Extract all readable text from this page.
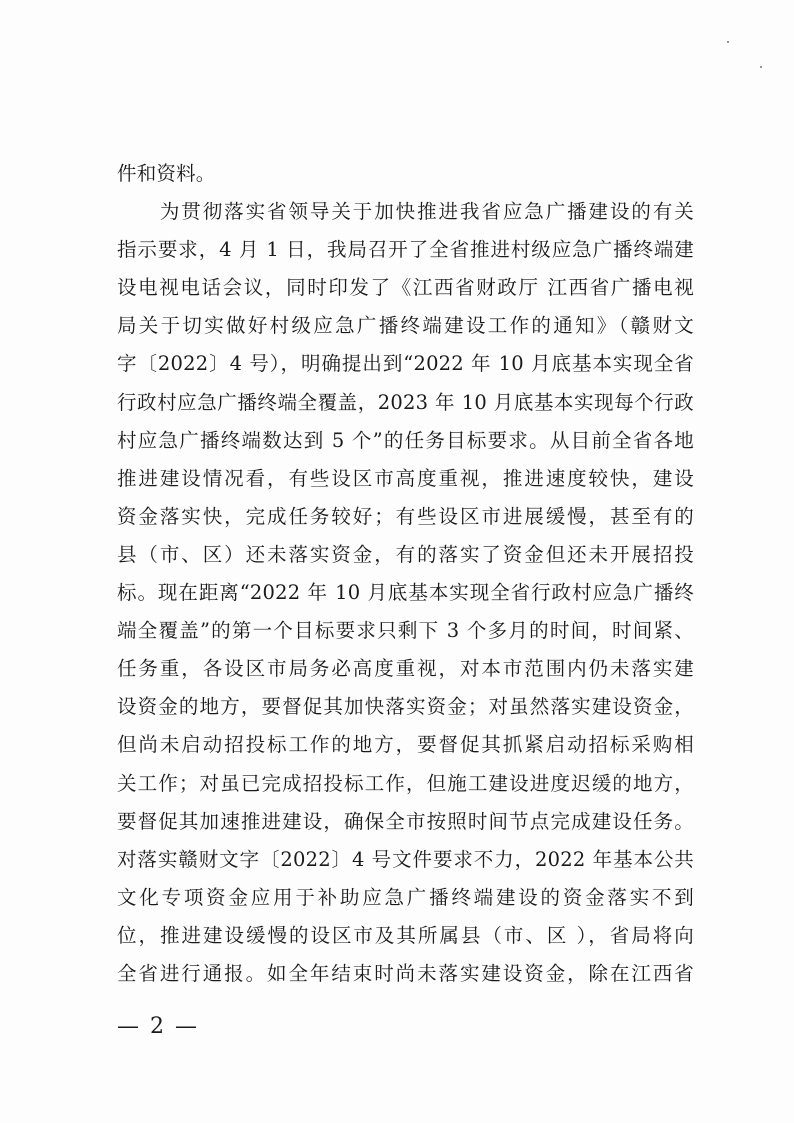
件和资料。
　　为贯彻落实省领导关于加快推进我省应急广播建设的有关
指示要求，4 月 1 日，我局召开了全省推进村级应急广播终端建
设电视电话会议，同时印发了《江西省财政厅 江西省广播电视
局关于切实做好村级应急广播终端建设工作的通知》（赣财文
字〔2022〕4 号），明确提出到“2022 年 10 月底基本实现全省
行政村应急广播终端全覆盖，2023 年 10 月底基本实现每个行政
村应急广播终端数达到 5 个”的任务目标要求。从目前全省各地
推进建设情况看，有些设区市高度重视，推进速度较快，建设
资金落实快，完成任务较好；有些设区市进展缓慢，甚至有的
县（市、区）还未落实资金，有的落实了资金但还未开展招投
标。现在距离“2022 年 10 月底基本实现全省行政村应急广播终
端全覆盖”的第一个目标要求只剩下 3 个多月的时间，时间紧、
任务重，各设区市局务必高度重视，对本市范围内仍未落实建
设资金的地方，要督促其加快落实资金；对虽然落实建设资金，
但尚未启动招投标工作的地方，要督促其抓紧启动招标采购相
关工作；对虽已完成招投标工作，但施工建设进度迟缓的地方，
要督促其加速推进建设，确保全市按照时间节点完成建设任务。
对落实赣财文字〔2022〕4 号文件要求不力，2022 年基本公共
文化专项资金应用于补助应急广播终端建设的资金落实不到
位，推进建设缓慢的设区市及其所属县（市、区 ），省局将向
全省进行通报。如全年结束时尚未落实建设资金，除在江西省
— 2 —
